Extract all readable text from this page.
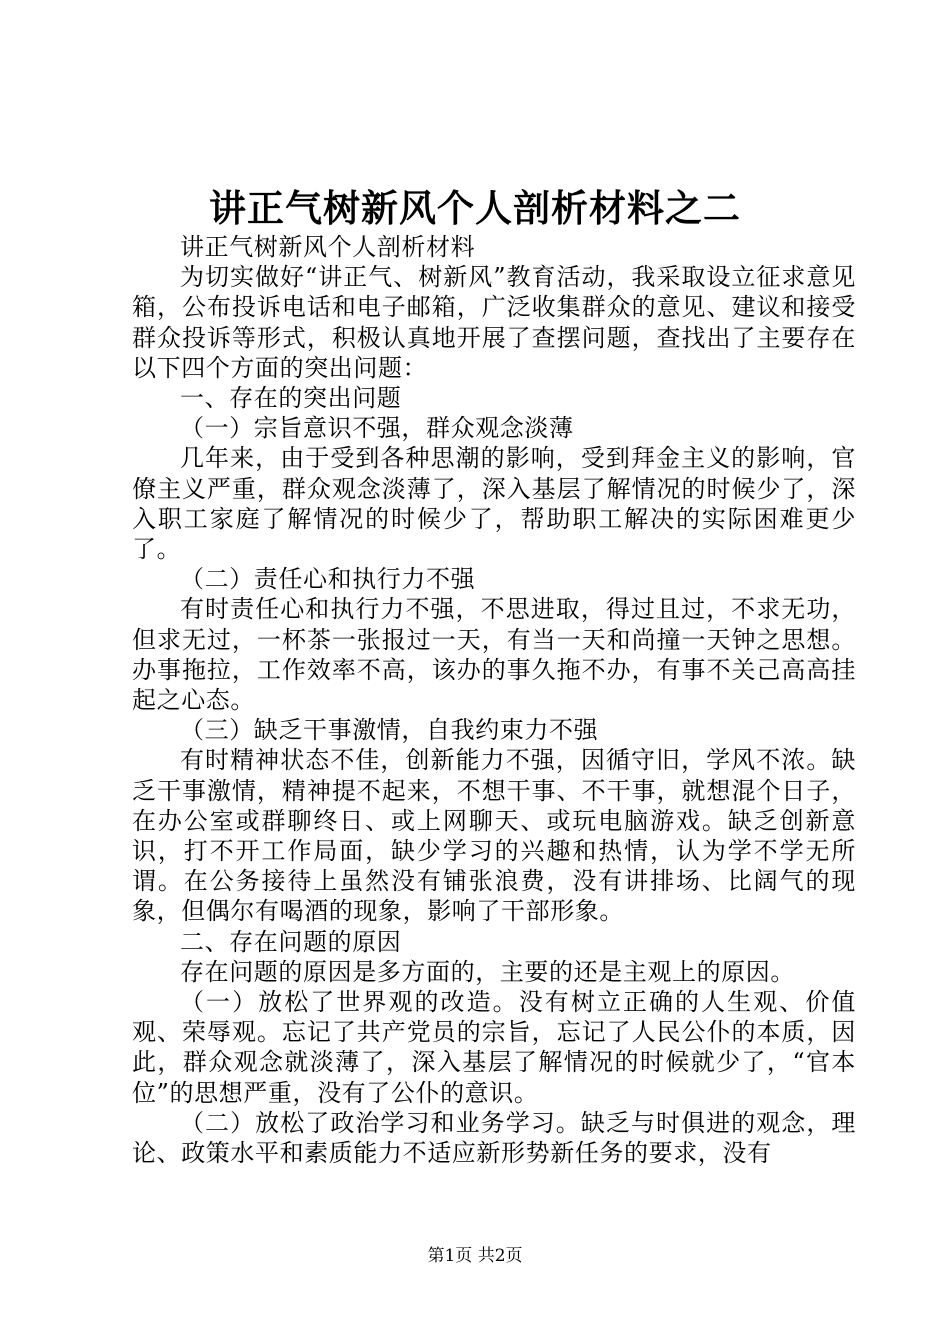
讲正气树新风个人剖析材料之二

讲正气树新风个人剖析材料

为切实做好“讲正气、树新风”教育活动，我采取设立征求意见箱，公布投诉电话和电子邮箱，广泛收集群众的意见、建议和接受群众投诉等形式，积极认真地开展了查摆问题，查找出了主要存在以下四个方面的突出问题：

一、存在的突出问题

（一）宗旨意识不强，群众观念淡薄

几年来，由于受到各种思潮的影响，受到拜金主义的影响，官僚主义严重，群众观念淡薄了，深入基层了解情况的时候少了，深入职工家庭了解情况的时候少了，帮助职工解决的实际困难更少了。

（二）责任心和执行力不强

有时责任心和执行力不强，不思进取，得过且过，不求无功，但求无过，一杯茶一张报过一天，有当一天和尚撞一天钟之思想。办事拖拉，工作效率不高，该办的事久拖不办，有事不关己高高挂起之心态。

（三）缺乏干事激情，自我约束力不强

有时精神状态不佳，创新能力不强，因循守旧，学风不浓。缺乏干事激情，精神提不起来，不想干事、不干事，就想混个日子，在办公室或群聊终日、或上网聊天、或玩电脑游戏。缺乏创新意识，打不开工作局面，缺少学习的兴趣和热情，认为学不学无所谓。在公务接待上虽然没有铺张浪费，没有讲排场、比阔气的现象，但偶尔有喝酒的现象，影响了干部形象。

二、存在问题的原因

存在问题的原因是多方面的，主要的还是主观上的原因。

（一）放松了世界观的改造。没有树立正确的人生观、价值观、荣辱观。忘记了共产党员的宗旨，忘记了人民公仆的本质，因此，群众观念就淡薄了，深入基层了解情况的时候就少了，“官本位”的思想严重，没有了公仆的意识。

（二）放松了政治学习和业务学习。缺乏与时俱进的观念，理论、政策水平和素质能力不适应新形势新任务的要求，没有

第1页 共2页
